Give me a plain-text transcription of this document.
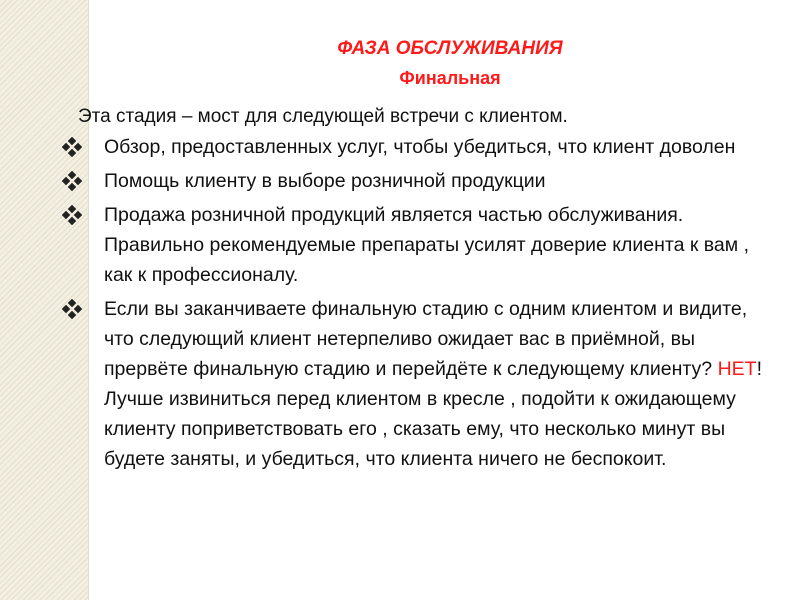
ФАЗА ОБСЛУЖИВАНИЯ
Финальная
Эта стадия – мост для следующей встречи с клиентом.
Обзор, предоставленных услуг, чтобы убедиться, что клиент доволен
Помощь клиенту в выборе розничной продукции
Продажа розничной продукций является частью обслуживания. Правильно рекомендуемые препараты усилят доверие клиента к вам , как к профессионалу.
Если вы заканчиваете финальную стадию с одним клиентом и видите, что следующий клиент нетерпеливо ожидает вас в приёмной, вы прервёте финальную стадию и перейдёте к следующему клиенту? НЕТ! Лучше извиниться перед клиентом в кресле , подойти к ожидающему клиенту поприветствовать его , сказать ему, что несколько минут вы будете заняты, и убедиться, что клиента ничего не беспокоит.
